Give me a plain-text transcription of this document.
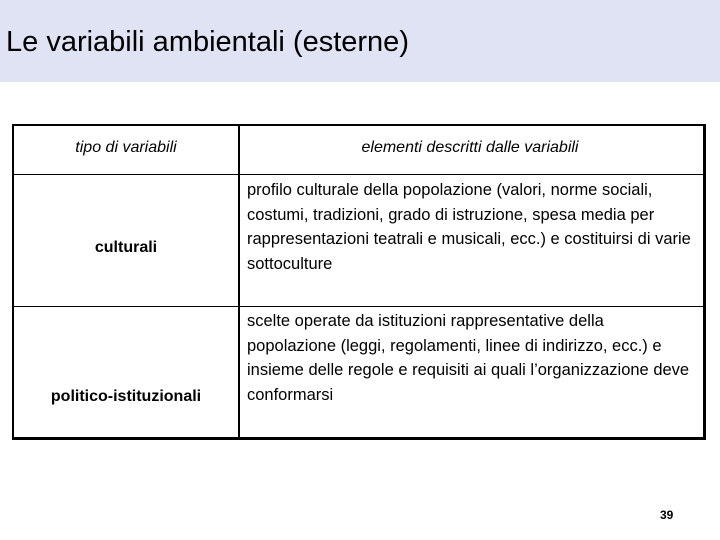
Le variabili ambientali (esterne)
tipo di variabili	elementi descritti dalle variabili
culturali
profilo culturale della popolazione (valori, norme sociali, costumi, tradizioni, grado di istruzione, spesa media per rappresentazioni teatrali e musicali, ecc.) e costituirsi di varie sottoculture
politico-istituzionali
scelte operate da istituzioni rappresentative della popolazione (leggi, regolamenti, linee di indirizzo, ecc.) e insieme delle regole e requisiti ai quali l’organizzazione deve conformarsi
39
